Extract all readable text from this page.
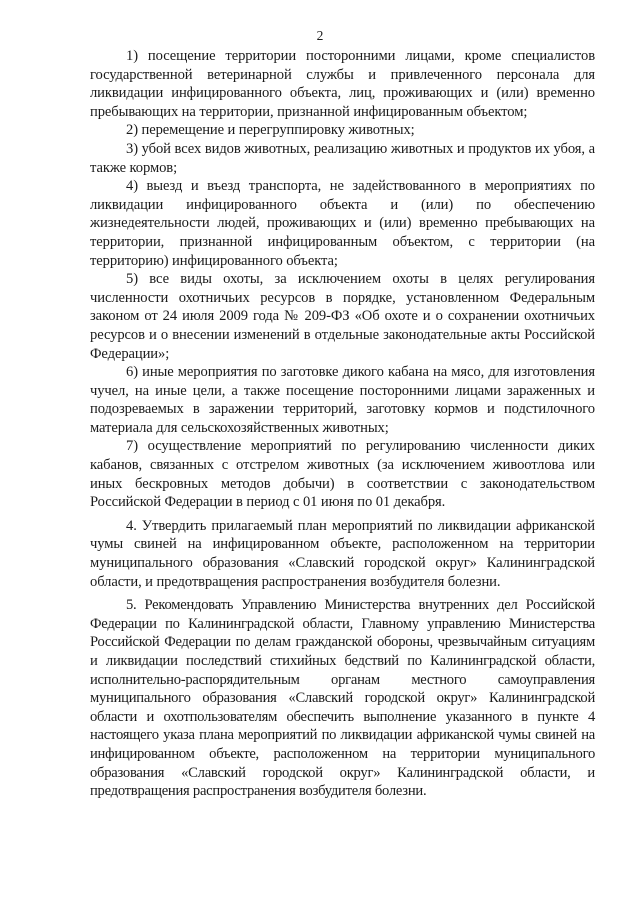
2

1) посещение территории посторонними лицами, кроме специалистов государственной ветеринарной службы и привлеченного персонала для ликвидации инфицированного объекта, лиц, проживающих и (или) временно пребывающих на территории, признанной инфицированным объектом;

2) перемещение и перегруппировку животных;

3) убой всех видов животных, реализацию животных и продуктов их убоя, а также кормов;

4) выезд и въезд транспорта, не задействованного в мероприятиях по ликвидации инфицированного объекта и (или) по обеспечению жизнедеятельности людей, проживающих и (или) временно пребывающих на территории, признанной инфицированным объектом, с территории (на территорию) инфицированного объекта;

5) все виды охоты, за исключением охоты в целях регулирования численности охотничьих ресурсов в порядке, установленном Федеральным законом от 24 июля 2009 года № 209-ФЗ «Об охоте и о сохранении охотничьих ресурсов и о внесении изменений в отдельные законодательные акты Российской Федерации»;

6) иные мероприятия по заготовке дикого кабана на мясо, для изготовления чучел, на иные цели, а также посещение посторонними лицами зараженных и подозреваемых в заражении территорий, заготовку кормов и подстилочного материала для сельскохозяйственных животных;

7) осуществление мероприятий по регулированию численности диких кабанов, связанных с отстрелом животных (за исключением живоотлова или иных бескровных методов добычи) в соответствии с законодательством Российской Федерации в период с 01 июня по 01 декабря.

4. Утвердить прилагаемый план мероприятий по ликвидации африканской чумы свиней на инфицированном объекте, расположенном на территории муниципального образования «Славский городской округ» Калининградской области, и предотвращения распространения возбудителя болезни.

5. Рекомендовать Управлению Министерства внутренних дел Российской Федерации по Калининградской области, Главному управлению Министерства Российской Федерации по делам гражданской обороны, чрезвычайным ситуациям и ликвидации последствий стихийных бедствий по Калининградской области, исполнительно-распорядительным органам местного самоуправления муниципального образования «Славский городской округ» Калининградской области и охотпользователям обеспечить выполнение указанного в пункте 4 настоящего указа плана мероприятий по ликвидации африканской чумы свиней на инфицированном объекте, расположенном на территории муниципального образования «Славский городской округ» Калининградской области, и предотвращения распространения возбудителя болезни.
